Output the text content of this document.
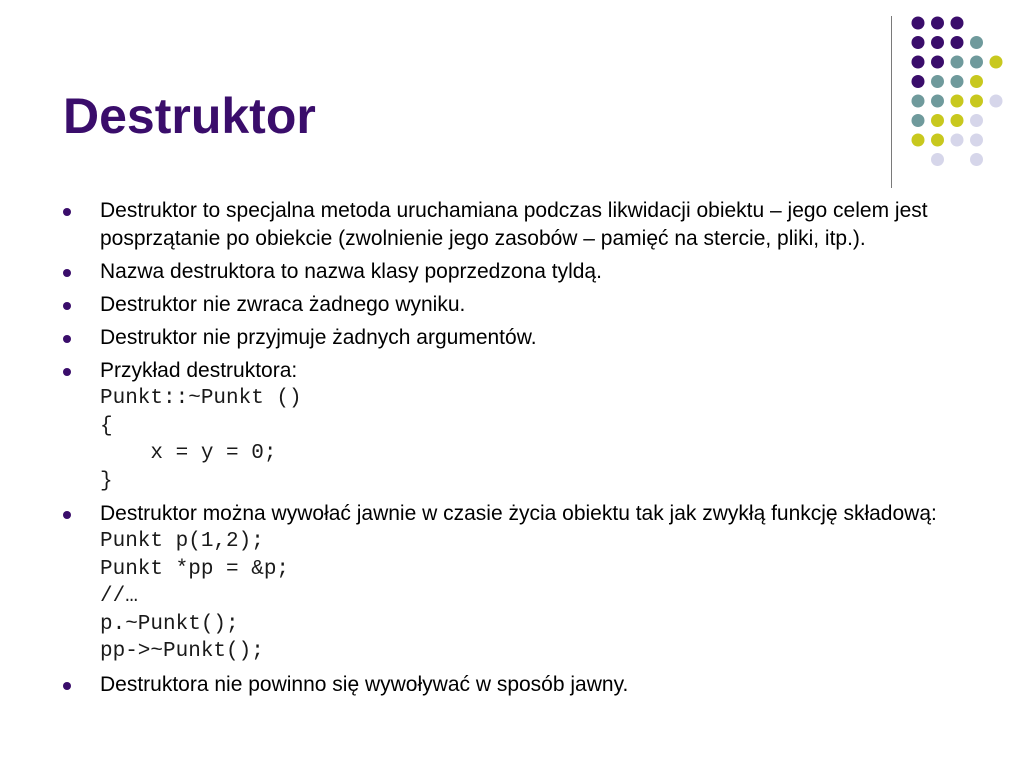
Destruktor
Destruktor to specjalna metoda uruchamiana podczas likwidacji obiektu – jego celem jest posprzątanie po obiekcie (zwolnienie jego zasobów – pamięć na stercie, pliki, itp.).
Nazwa destruktora to nazwa klasy poprzedzona tyldą.
Destruktor nie zwraca żadnego wyniku.
Destruktor nie przyjmuje żadnych argumentów.
Przykład destruktora:
Punkt::~Punkt ()
{
x = y = 0;
}
Destruktor można wywołać jawnie w czasie życia obiektu tak jak zwykłą funkcję składową:
Punkt p(1,2);
Punkt *pp = &p;
//…
p.~Punkt();
pp->~Punkt();
Destruktora nie powinno się wywoływać w sposób jawny.
